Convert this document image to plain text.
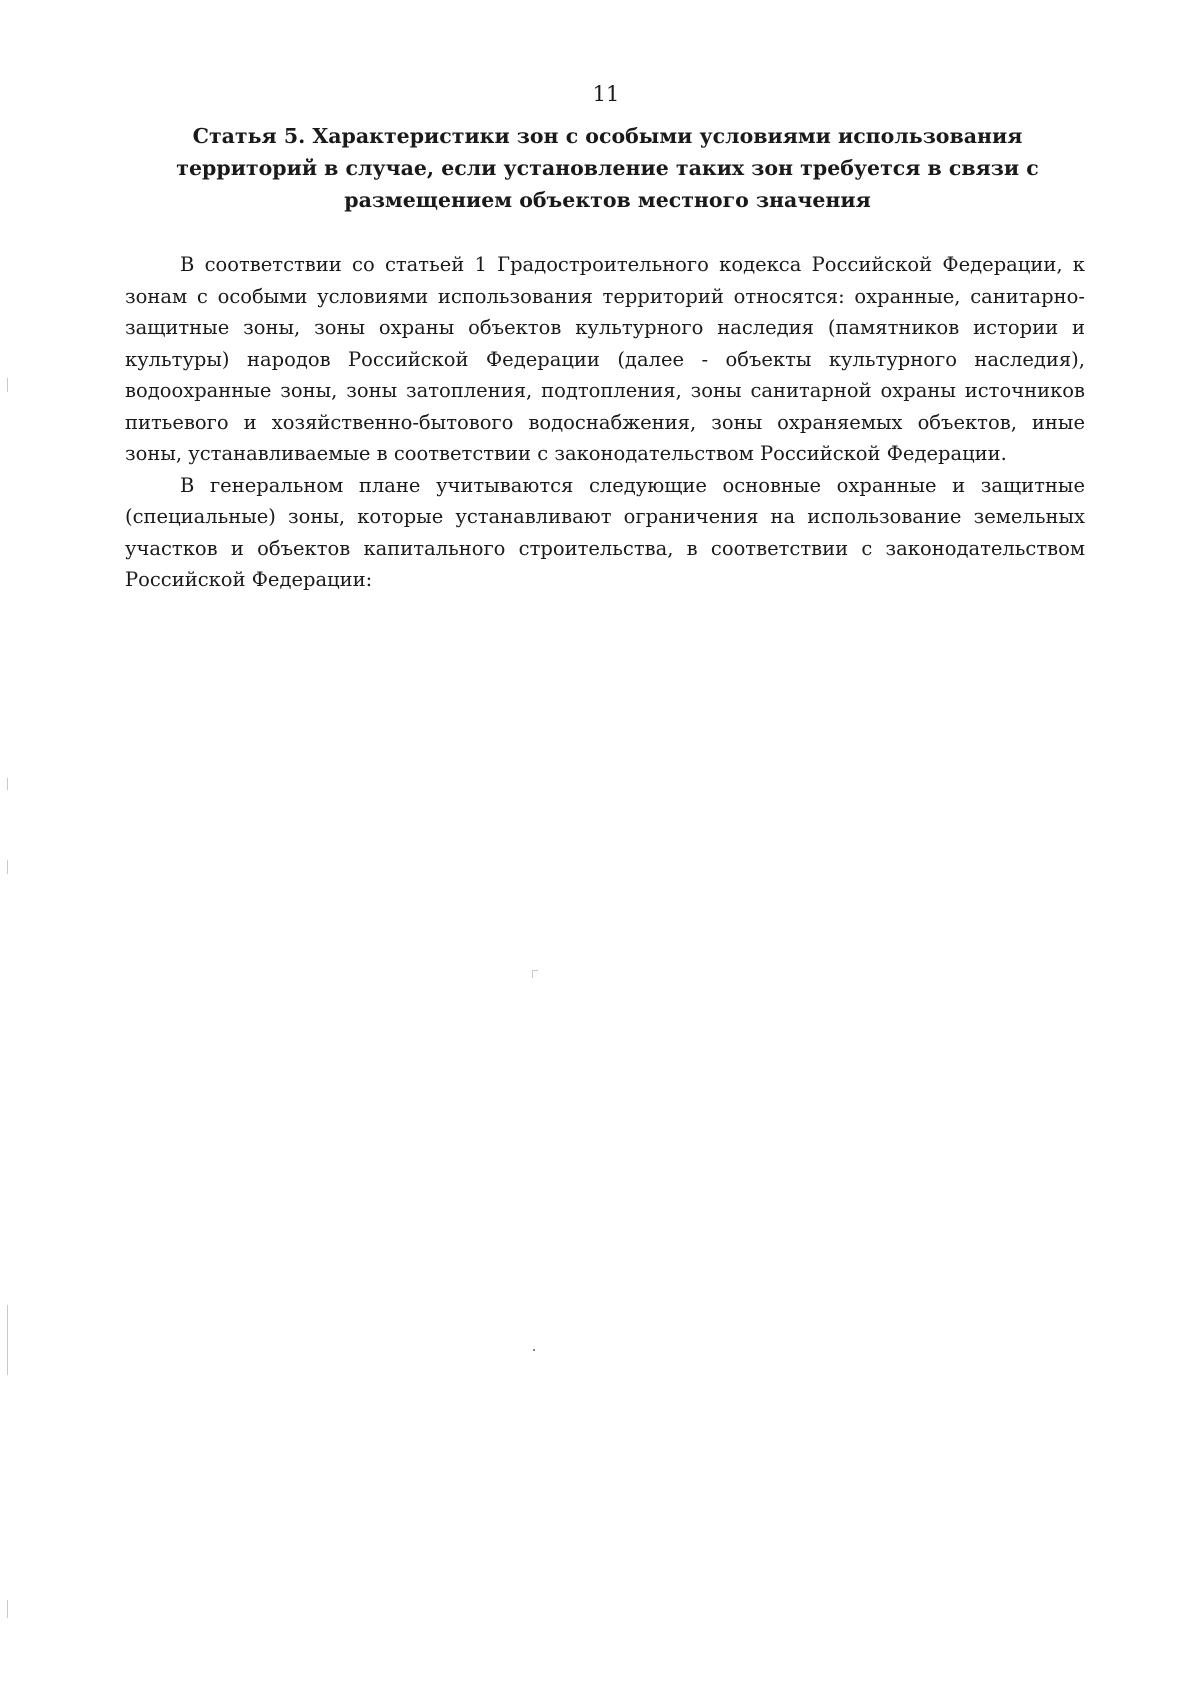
11
Статья 5. Характеристики зон с особыми условиями использования территорий в случае, если установление таких зон требуется в связи с размещением объектов местного значения

В соответствии со статьей 1 Градостроительного кодекса Российской Федерации, к зонам с особыми условиями использования территорий относятся: охранные, санитарно-защитные зоны, зоны охраны объектов культурного наследия (памятников истории и культуры) народов Российской Федерации (далее - объекты культурного наследия), водоохранные зоны, зоны затопления, подтопления, зоны санитарной охраны источников питьевого и хозяйственно-бытового водоснабжения, зоны охраняемых объектов, иные зоны, устанавливаемые в соответствии с законодательством Российской Федерации.

В генеральном плане учитываются следующие основные охранные и защитные (специальные) зоны, которые устанавливают ограничения на использование земельных участков и объектов капитального строительства, в соответствии с законодательством Российской Федерации:
